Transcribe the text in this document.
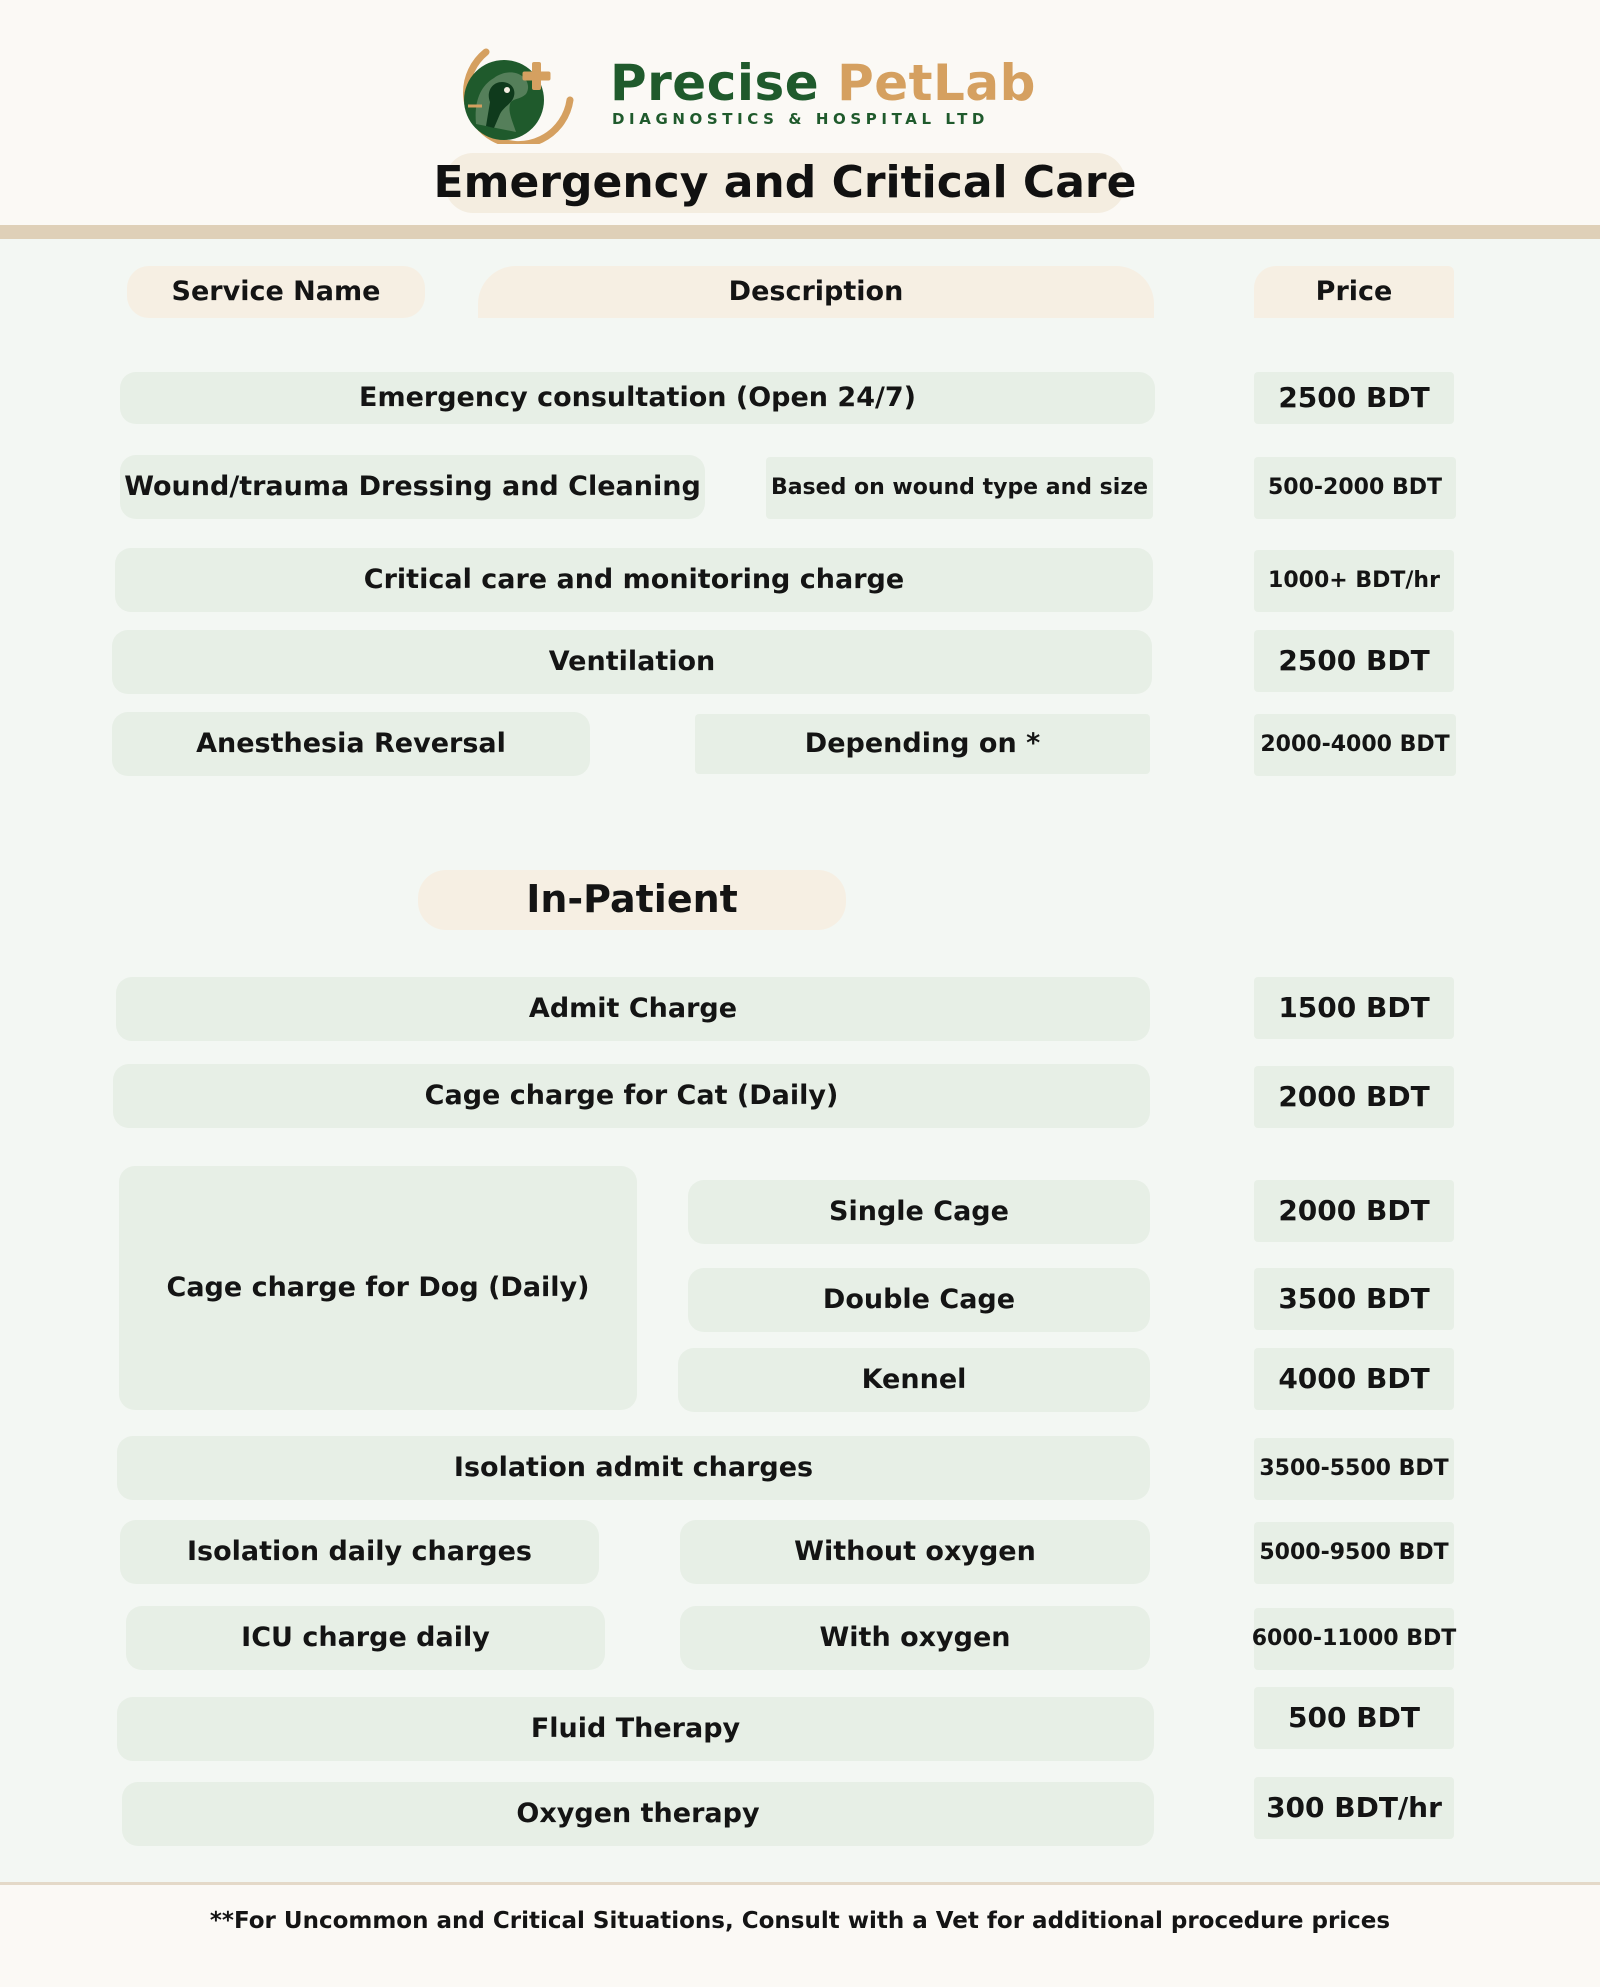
Precise PetLab
DIAGNOSTICS & HOSPITAL LTD
Emergency and Critical Care
Service Name	Description	Price
Emergency consultation (Open 24/7)	2500 BDT
Wound/trauma Dressing and Cleaning	Based on wound type and size	500-2000 BDT
Critical care and monitoring charge	1000+ BDT/hr
Ventilation	2500 BDT
Anesthesia Reversal	Depending on *	2000-4000 BDT
In-Patient
Admit Charge	1500 BDT
Cage charge for Cat (Daily)	2000 BDT
Cage charge for Dog (Daily)
Single Cage	2000 BDT
Double Cage	3500 BDT
Kennel	4000 BDT
Isolation admit charges	3500-5500 BDT
Isolation daily charges	Without oxygen	5000-9500 BDT
ICU charge daily	With oxygen	6000-11000 BDT
Fluid Therapy	500 BDT
Oxygen therapy	300 BDT/hr
**For Uncommon and Critical Situations, Consult with a Vet for additional procedure prices
